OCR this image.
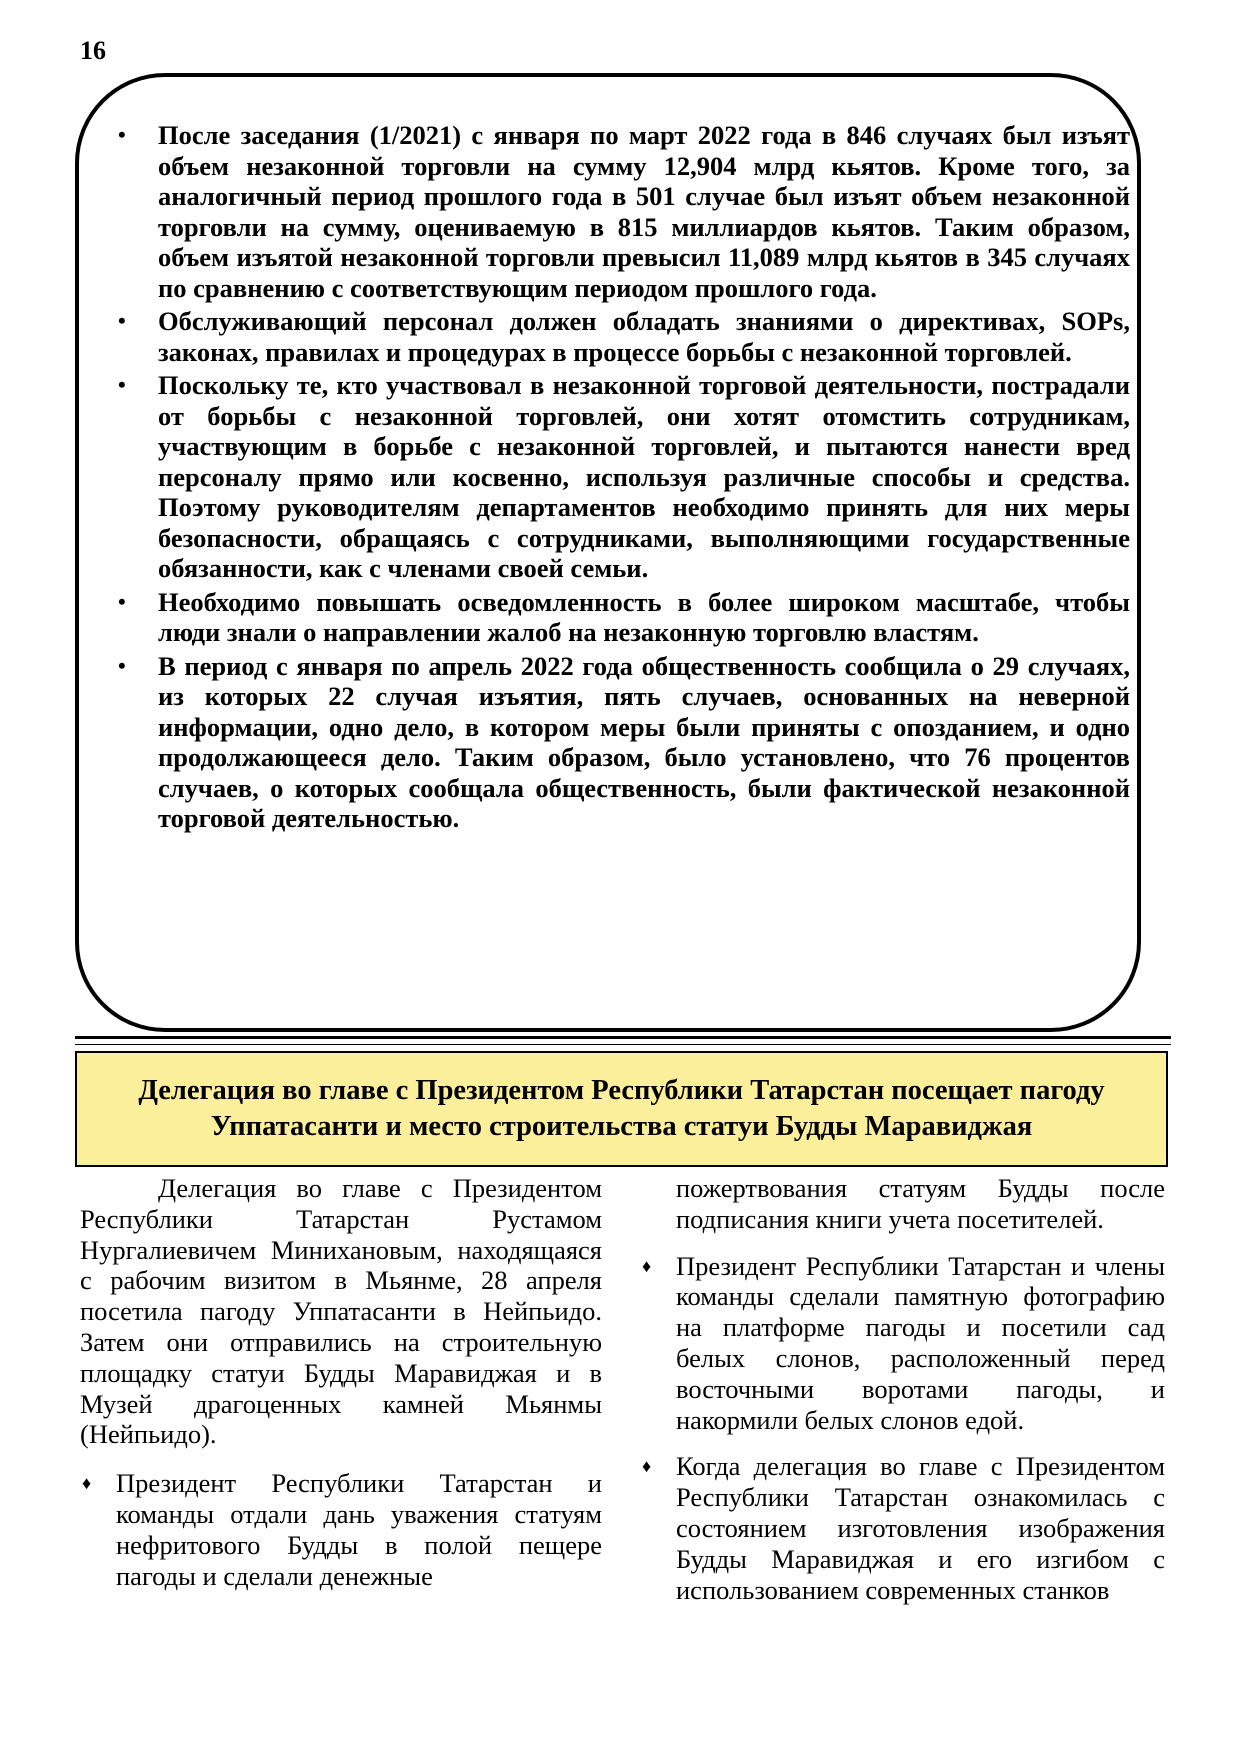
16
• После заседания (1/2021) с января по март 2022 года в 846 случаях был изъят объем незаконной торговли на сумму 12,904 млрд кьятов. Кроме того, за аналогичный период прошлого года в 501 случае был изъят объем незаконной торговли на сумму, оцениваемую в 815 миллиардов кьятов. Таким образом, объем изъятой незаконной торговли превысил 11,089 млрд кьятов в 345 случаях по сравнению с соответствующим периодом прошлого года.
• Обслуживающий персонал должен обладать знаниями о директивах, SOPs, законах, правилах и процедурах в процессе борьбы с незаконной торговлей.
• Поскольку те, кто участвовал в незаконной торговой деятельности, пострадали от борьбы с незаконной торговлей, они хотят отомстить сотрудникам, участвующим в борьбе с незаконной торговлей, и пытаются нанести вред персоналу прямо или косвенно, используя различные способы и средства. Поэтому руководителям департаментов необходимо принять для них меры безопасности, обращаясь с сотрудниками, выполняющими государственные обязанности, как с членами своей семьи.
• Необходимо повышать осведомленность в более широком масштабе, чтобы люди знали о направлении жалоб на незаконную торговлю властям.
• В период с января по апрель 2022 года общественность сообщила о 29 случаях, из которых 22 случая изъятия, пять случаев, основанных на неверной информации, одно дело, в котором меры были приняты с опозданием, и одно продолжающееся дело. Таким образом, было установлено, что 76 процентов случаев, о которых сообщала общественность, были фактической незаконной торговой деятельностью.
Делегация во главе с Президентом Республики Татарстан посещает пагоду
Уппатасанти и место строительства статуи Будды Маравиджая

Делегация во главе с Президентом Республики Татарстан Рустамом Нургалиевичем Минихановым, находящаяся с рабочим визитом в Мьянме, 28 апреля посетила пагоду Уппатасанти в Нейпьидо. Затем они отправились на строительную площадку статуи Будды Маравиджая и в Музей драгоценных камней Мьянмы (Нейпьидо).

♦ Президент Республики Татарстан и команды отдали дань уважения статуям нефритового Будды в полой пещере пагоды и сделали денежные

пожертвования статуям Будды после подписания книги учета посетителей.

♦ Президент Республики Татарстан и члены команды сделали памятную фотографию на платформе пагоды и посетили сад белых слонов, расположенный перед восточными воротами пагоды, и накормили белых слонов едой.

♦ Когда делегация во главе с Президентом Республики Татарстан ознакомилась с состоянием изготовления изображения Будды Маравиджая и его изгибом с использованием современных станков
